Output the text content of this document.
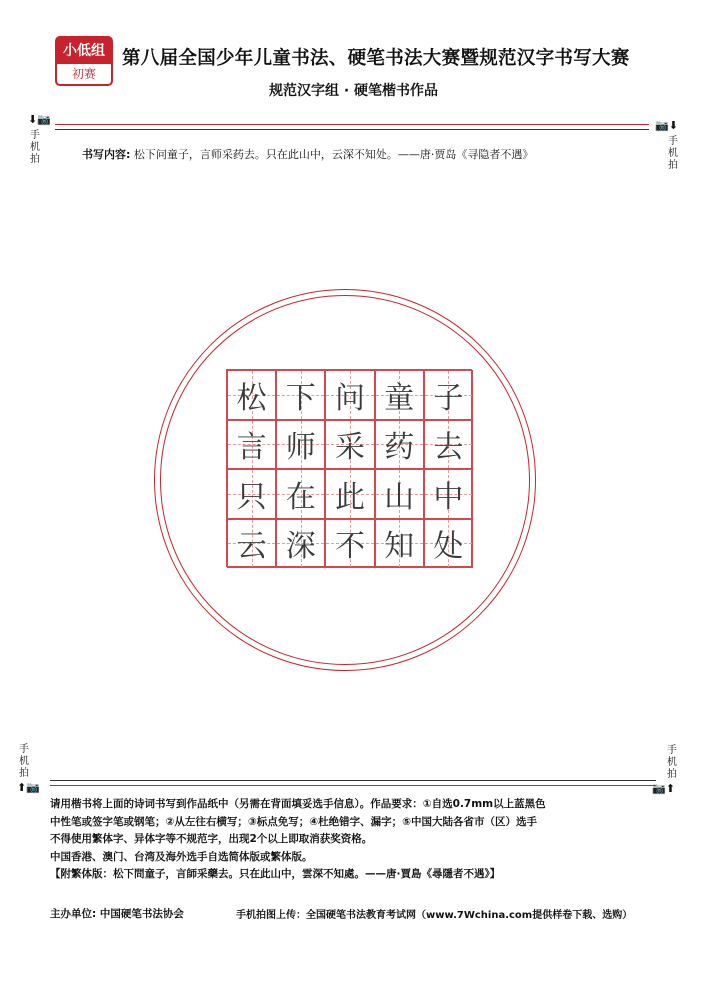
小低组
初赛
第八届全国少年儿童书法、硬笔书法大赛暨规范汉字书写大赛
规范汉字组 · 硬笔楷书作品
⬇📷
手机拍
📷⬇
手机拍
书写内容: 松下问童子，言师采药去。只在此山中，云深不知处。——唐·贾岛《寻隐者不遇》
松 下 问 童 子
言 师 采 药 去
只 在 此 山 中
云 深 不 知 处
手机拍
⬆📷
手机拍
📷⬆

请用楷书将上面的诗词书写到作品纸中（另需在背面填妥选手信息）。作品要求：①自选0.7mm以上蓝黑色

中性笔或签字笔或钢笔；②从左往右横写；③标点免写；④杜绝错字、漏字；⑤中国大陆各省市（区）选手

不得使用繁体字、异体字等不规范字，出现2个以上即取消获奖资格。

中国香港、澳门、台湾及海外选手自选简体版或繁体版。

【附繁体版：松下問童子，言師采藥去。只在此山中，雲深不知處。——唐·賈島《尋隱者不遇》】

主办单位: 中国硬笔书法协会	手机拍图上传：全国硬笔书法教育考试网（www.7Wchina.com提供样卷下载、选购）
